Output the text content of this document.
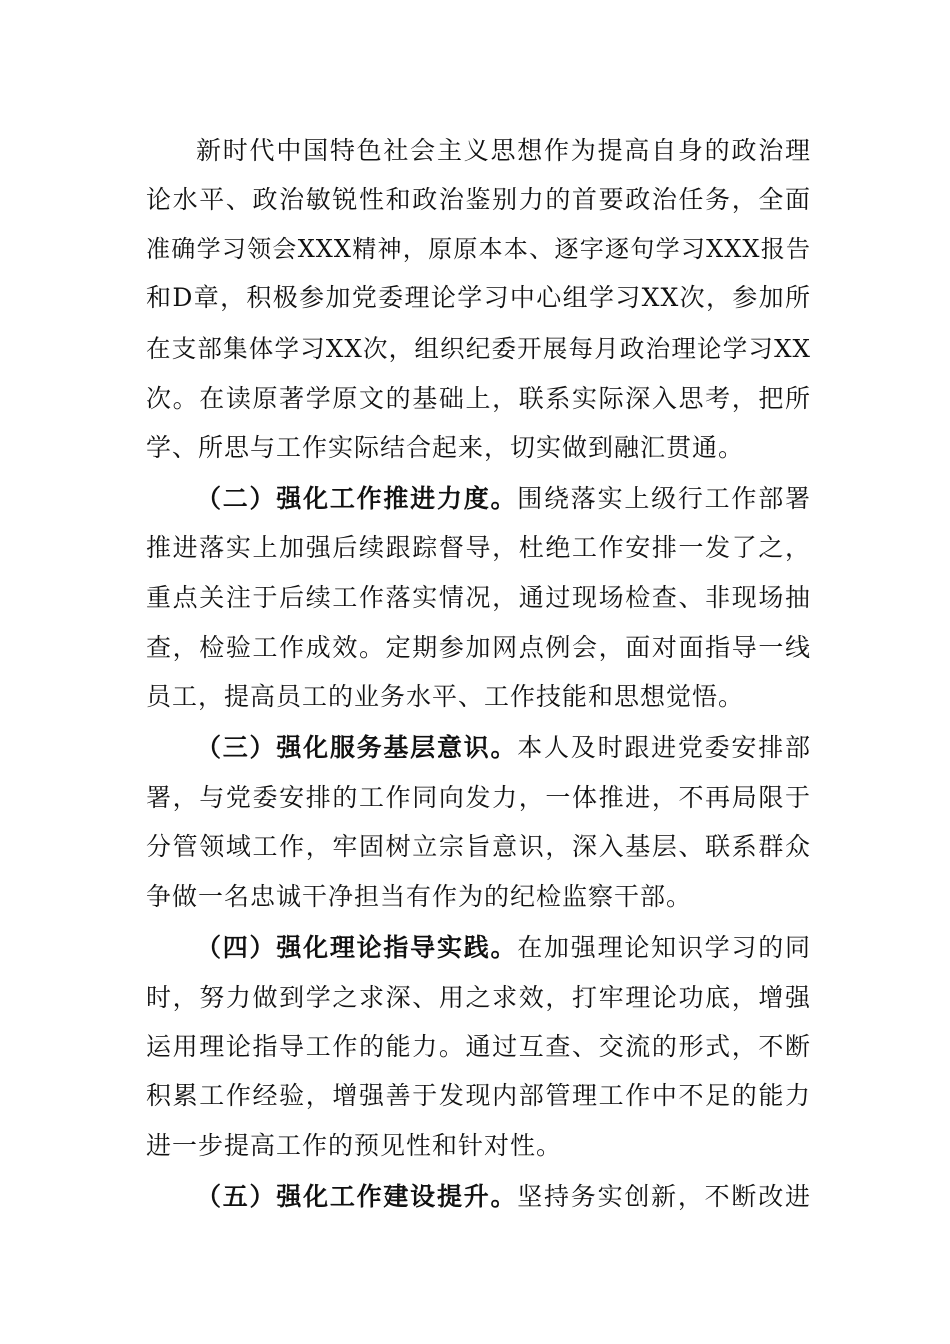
新时代中国特色社会主义思想作为提高自身的政治理
论水平、政治敏锐性和政治鉴别力的首要政治任务，全面
准确学习领会XXX精神，原原本本、逐字逐句学习XXX报告
和D章，积极参加党委理论学习中心组学习XX次，参加所
在支部集体学习XX次，组织纪委开展每月政治理论学习XX
次。在读原著学原文的基础上，联系实际深入思考，把所
学、所思与工作实际结合起来，切实做到融汇贯通。
（二）强化工作推进力度。围绕落实上级行工作部署
推进落实上加强后续跟踪督导，杜绝工作安排一发了之，
重点关注于后续工作落实情况，通过现场检查、非现场抽
查，检验工作成效。定期参加网点例会，面对面指导一线
员工，提高员工的业务水平、工作技能和思想觉悟。
（三）强化服务基层意识。本人及时跟进党委安排部
署，与党委安排的工作同向发力，一体推进，不再局限于
分管领域工作，牢固树立宗旨意识，深入基层、联系群众
争做一名忠诚干净担当有作为的纪检监察干部。
（四）强化理论指导实践。在加强理论知识学习的同
时，努力做到学之求深、用之求效，打牢理论功底，增强
运用理论指导工作的能力。通过互查、交流的形式，不断
积累工作经验，增强善于发现内部管理工作中不足的能力
进一步提高工作的预见性和针对性。
（五）强化工作建设提升。坚持务实创新，不断改进
